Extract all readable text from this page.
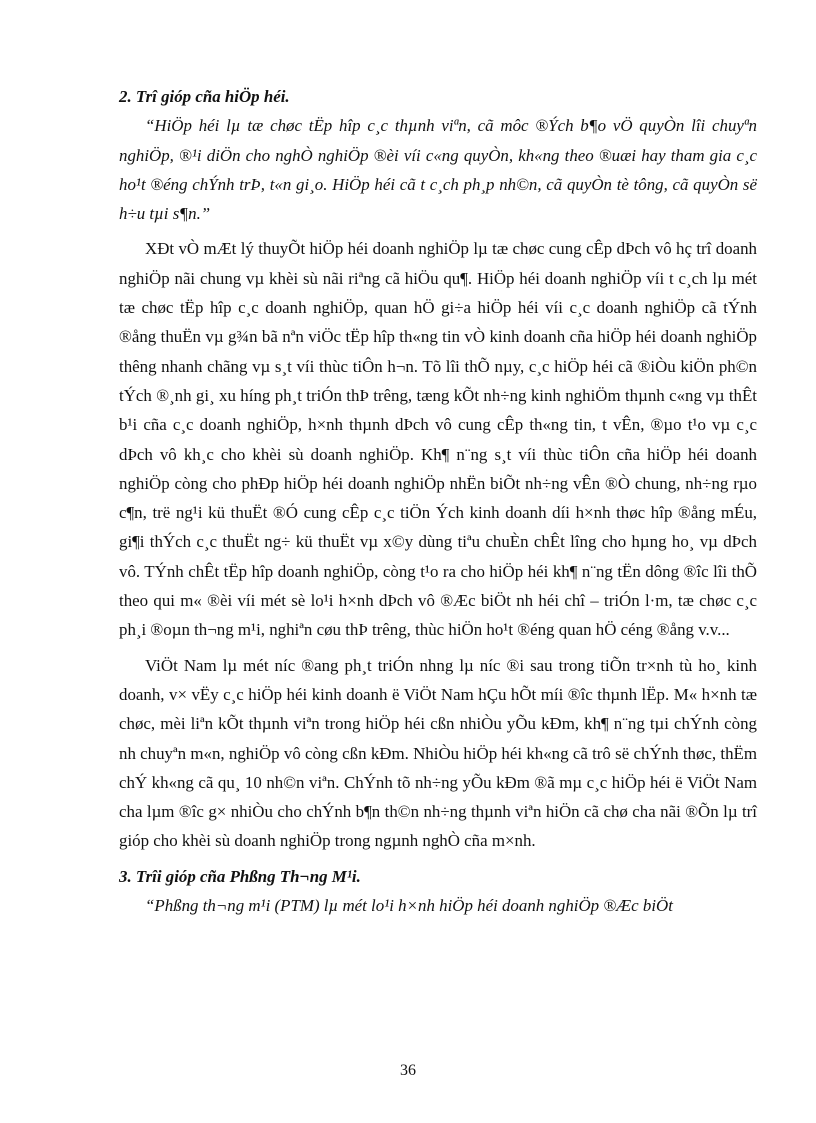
2. Trî gióp cña hiÖp héi.

“HiÖp héi lµ tæ chøc tËp hîp c¸c thµnh viªn, cã môc ®Ých b¶o vÖ quyÒn lîi chuyªn nghiÖp, ®¹i diÖn cho nghÒ nghiÖp ®èi víi c«ng quyÒn, kh«ng theo ®uæi hay tham gia c¸c ho¹t ®éng chÝnh trÞ, t«n gi¸o. HiÖp héi cã t c¸ch ph¸p nh©n, cã quyÒn tè tông, cã quyÒn së h÷u tµi s¶n.”

XÐt vÒ mÆt lý thuyÕt hiÖp héi doanh nghiÖp lµ tæ chøc cung cÊp dÞch vô hç trî doanh nghiÖp nãi chung vµ khèi sù nãi riªng cã hiÖu qu¶. HiÖp héi doanh nghiÖp víi t c¸ch lµ mét tæ chøc tËp hîp c¸c doanh nghiÖp, quan hÖ gi÷a hiÖp héi víi c¸c doanh nghiÖp cã tÝnh ®ång thuËn vµ g¾n bã nªn viÖc tËp hîp th«ng tin vÒ kinh doanh cña hiÖp héi doanh nghiÖp thêng nhanh chãng vµ s¸t víi thùc tiÔn h¬n. Tõ lîi thÕ nµy, c¸c hiÖp héi cã ®iÒu kiÖn ph©n tÝch ®¸nh gi¸ xu híng ph¸t triÓn thÞ trêng, tæng kÕt nh÷ng kinh nghiÖm thµnh c«ng vµ thÊt b¹i cña c¸c doanh nghiÖp, h×nh thµnh dÞch vô cung cÊp th«ng tin, t vÊn, ®µo t¹o vµ c¸c dÞch vô kh¸c cho khèi sù doanh nghiÖp. Kh¶ n¨ng s¸t víi thùc tiÔn cña hiÖp héi doanh nghiÖp còng cho phÐp hiÖp héi doanh nghiÖp nhËn biÕt nh÷ng vÊn ®Ò chung, nh÷ng rµo c¶n, trë ng¹i kü thuËt ®Ó cung cÊp c¸c tiÖn Ých kinh doanh díi h×nh thøc hîp ®ång mÉu, gi¶i thÝch c¸c thuËt ng÷ kü thuËt vµ x©y dùng tiªu chuÈn chÊt lîng cho hµng ho¸ vµ dÞch vô. TÝnh chÊt tËp hîp doanh nghiÖp, còng t¹o ra cho hiÖp héi kh¶ n¨ng tËn dông ®îc lîi thÕ theo qui m« ®èi víi mét sè lo¹i h×nh dÞch vô ®Æc biÖt nh héi chî – triÓn l·m, tæ chøc c¸c ph¸i ®oµn th¬ng m¹i, nghiªn cøu thÞ trêng, thùc hiÖn ho¹t ®éng quan hÖ céng ®ång v.v...

ViÖt Nam lµ mét níc ®ang ph¸t triÓn nhng lµ níc ®i sau trong tiÕn tr×nh tù ho¸ kinh doanh, v× vËy c¸c hiÖp héi kinh doanh ë ViÖt Nam hÇu hÕt míi ®îc thµnh lËp. M« h×nh tæ chøc, mèi liªn kÕt thµnh viªn trong hiÖp héi cßn nhiÒu yÕu kÐm, kh¶ n¨ng tµi chÝnh còng nh chuyªn m«n, nghiÖp vô còng cßn kÐm. NhiÒu hiÖp héi kh«ng cã trô së chÝnh thøc, thËm chÝ kh«ng cã qu¸ 10 nh©n viªn. ChÝnh tõ nh÷ng yÕu kÐm ®ã mµ c¸c hiÖp héi ë ViÖt Nam cha lµm ®îc g× nhiÒu cho chÝnh b¶n th©n nh÷ng thµnh viªn hiÖn cã chø cha nãi ®Õn lµ trî gióp cho khèi sù doanh nghiÖp trong ngµnh nghÒ cña m×nh.

3. Trîi gióp cña Phßng Th¬ng M¹i.

“Phßng th¬ng m¹i (PTM) lµ mét lo¹i h×nh hiÖp héi doanh nghiÖp ®Æc biÖt

36
